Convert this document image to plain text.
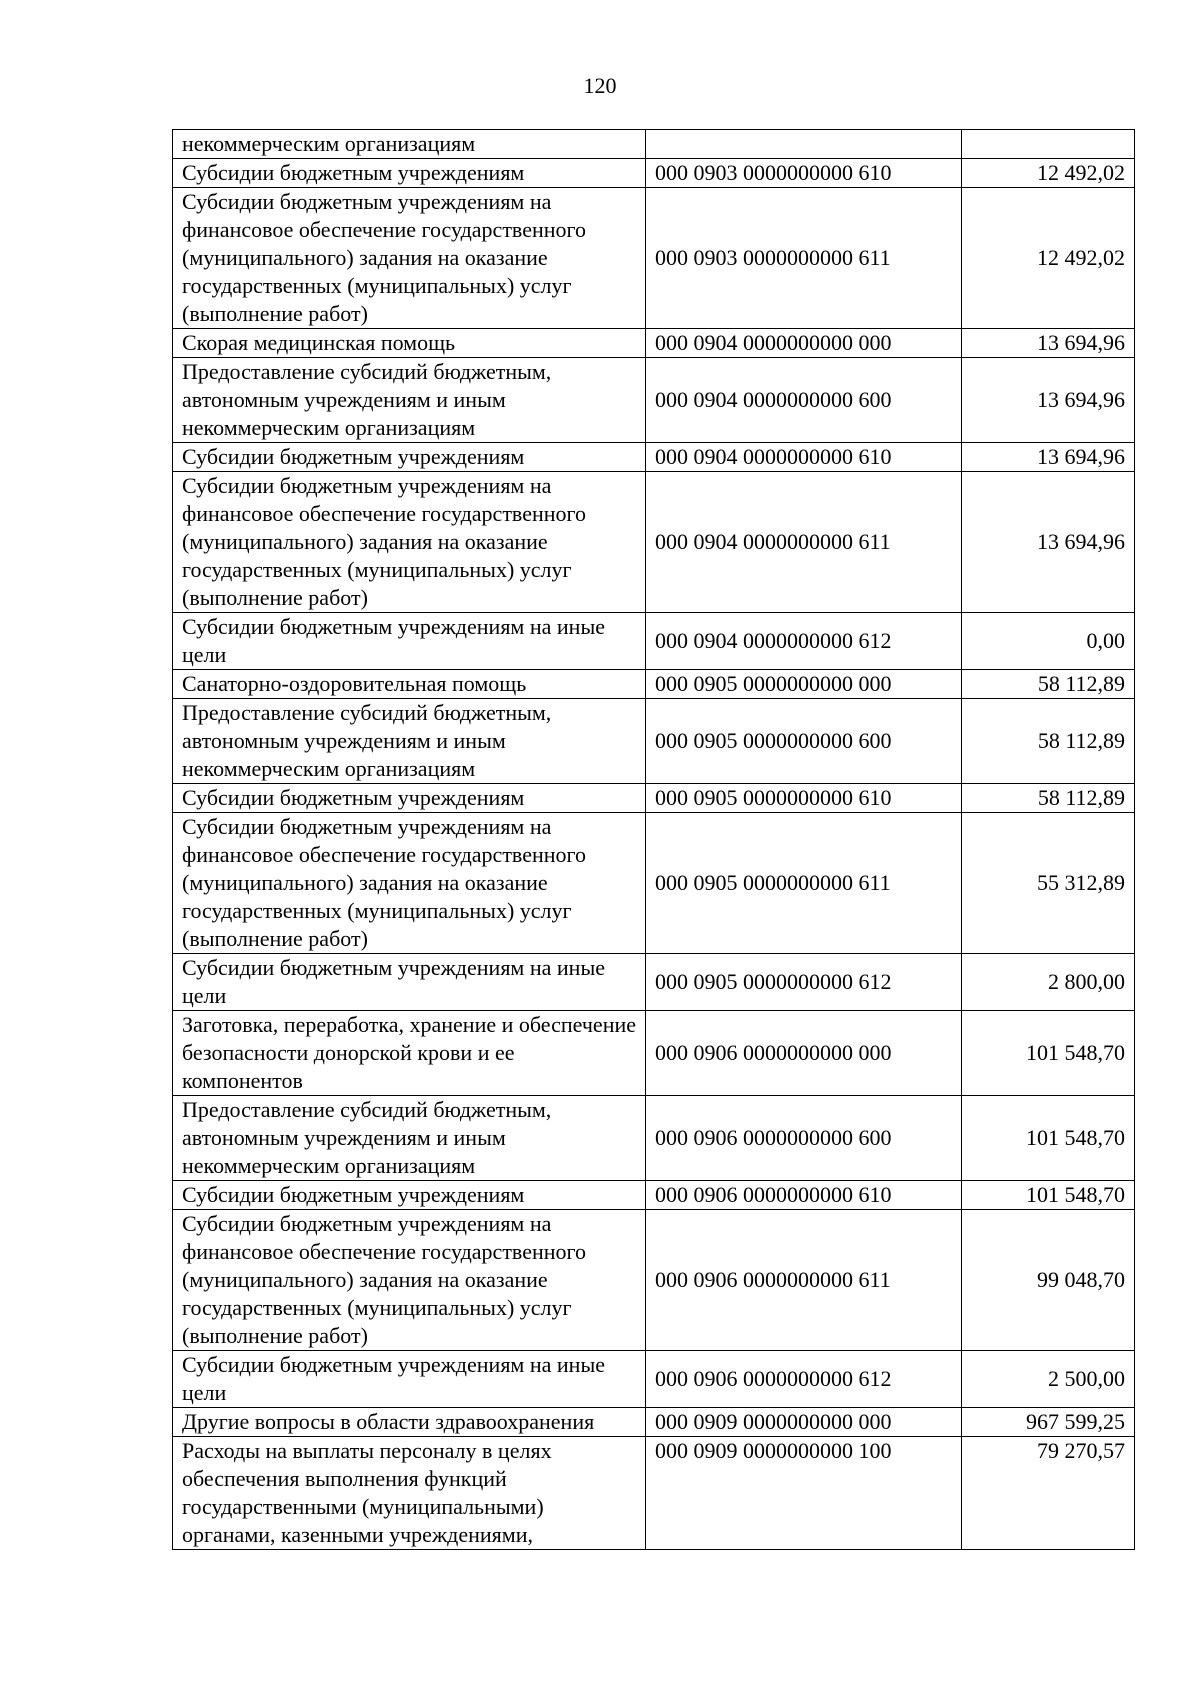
120
некоммерческим организациям		
Субсидии бюджетным учреждениям	000 0903 0000000000 610	12 492,02
Субсидии бюджетным учреждениям на финансовое обеспечение государственного (муниципального) задания на оказание государственных (муниципальных) услуг (выполнение работ)	000 0903 0000000000 611	12 492,02
Скорая медицинская помощь	000 0904 0000000000 000	13 694,96
Предоставление субсидий бюджетным, автономным учреждениям и иным некоммерческим организациям	000 0904 0000000000 600	13 694,96
Субсидии бюджетным учреждениям	000 0904 0000000000 610	13 694,96
Субсидии бюджетным учреждениям на финансовое обеспечение государственного (муниципального) задания на оказание государственных (муниципальных) услуг (выполнение работ)	000 0904 0000000000 611	13 694,96
Субсидии бюджетным учреждениям на иные цели	000 0904 0000000000 612	0,00
Санаторно-оздоровительная помощь	000 0905 0000000000 000	58 112,89
Предоставление субсидий бюджетным, автономным учреждениям и иным некоммерческим организациям	000 0905 0000000000 600	58 112,89
Субсидии бюджетным учреждениям	000 0905 0000000000 610	58 112,89
Субсидии бюджетным учреждениям на финансовое обеспечение государственного (муниципального) задания на оказание государственных (муниципальных) услуг (выполнение работ)	000 0905 0000000000 611	55 312,89
Субсидии бюджетным учреждениям на иные цели	000 0905 0000000000 612	2 800,00
Заготовка, переработка, хранение и обеспечение безопасности донорской крови и ее компонентов	000 0906 0000000000 000	101 548,70
Предоставление субсидий бюджетным, автономным учреждениям и иным некоммерческим организациям	000 0906 0000000000 600	101 548,70
Субсидии бюджетным учреждениям	000 0906 0000000000 610	101 548,70
Субсидии бюджетным учреждениям на финансовое обеспечение государственного (муниципального) задания на оказание государственных (муниципальных) услуг (выполнение работ)	000 0906 0000000000 611	99 048,70
Субсидии бюджетным учреждениям на иные цели	000 0906 0000000000 612	2 500,00
Другие вопросы в области здравоохранения	000 0909 0000000000 000	967 599,25
Расходы на выплаты персоналу в целях обеспечения выполнения функций государственными (муниципальными) органами, казенными учреждениями,	000 0909 0000000000 100	79 270,57
